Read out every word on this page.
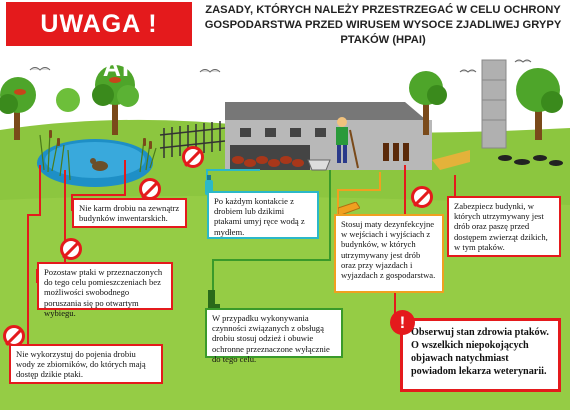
UWAGA ! HPAI
ZASADY, KTÓRYCH NALEŻY PRZESTRZEGAĆ W CELU OCHRONY GOSPODARSTWA PRZED WIRUSEM WYSOCE ZJADLIWEJ GRYPY PTAKÓW (HPAI)
Nie karm drobiu na zewnątrz budynków inwentarskich.
Pozostaw ptaki w przeznaczonych do tego celu pomieszczeniach bez możliwości swobodnego poruszania się po otwartym wybiegu.
Nie wykorzystuj do pojenia drobiu wody ze zbiorników, do których mają dostęp dzikie ptaki.
Po każdym kontakcie z drobiem lub dzikimi ptakami umyj ręce wodą z mydłem.
Stosuj maty dezynfekcyjne w wejściach i wyjściach z budynków, w których utrzymywany jest drób oraz przy wjazdach i wyjazdach z gospodarstwa.
W przypadku wykonywania czynności związanych z obsługą drobiu stosuj odzież i obuwie ochronne przeznaczone wyłącznie do tego celu.
Zabezpiecz budynki, w których utrzymywany jest drób oraz paszę przed dostępem zwierząt dzikich, w tym ptaków.
Obserwuj stan zdrowia ptaków. O wszelkich niepokojących objawach natychmiast powiadom lekarza weterynarii.
!
